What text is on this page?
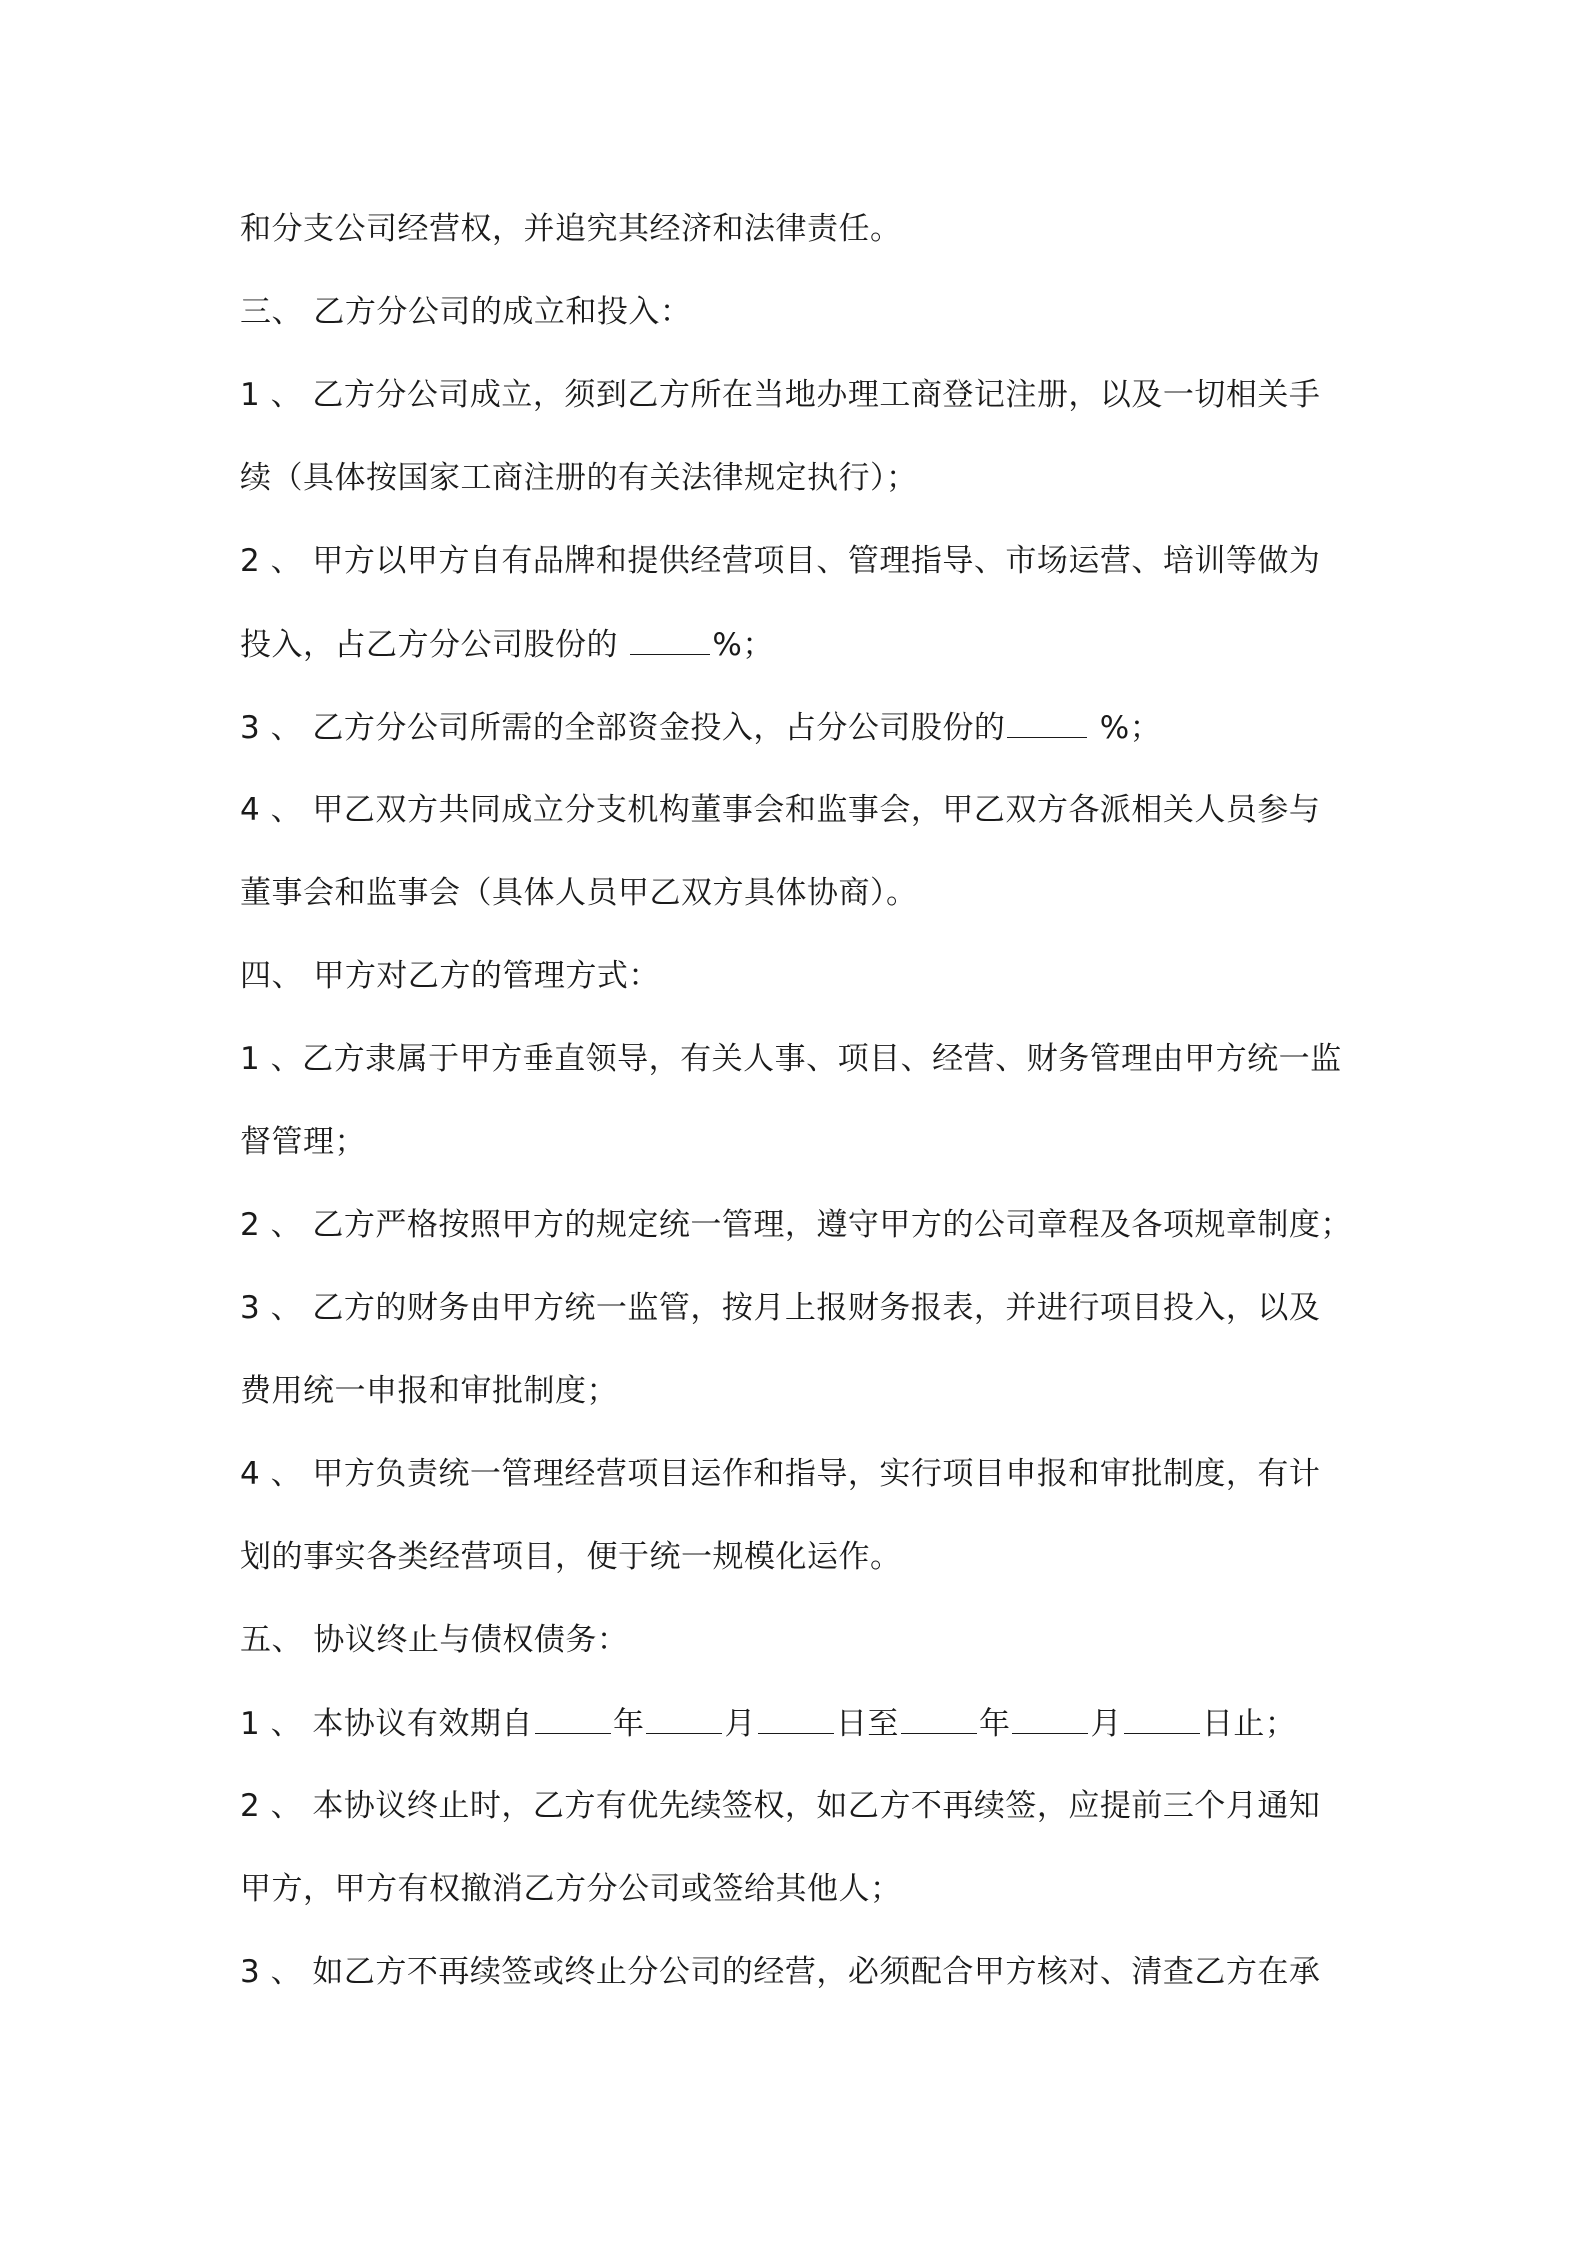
和分支公司经营权，并追究其经济和法律责任。
三、 乙方分公司的成立和投入：
1 、 乙方分公司成立，须到乙方所在当地办理工商登记注册，以及一切相关手
续（具体按国家工商注册的有关法律规定执行）；
2 、 甲方以甲方自有品牌和提供经营项目、管理指导、市场运营、培训等做为
投入，占乙方分公司股份的	%；
3 、 乙方分公司所需的全部资金投入，占分公司股份的	%；
4 、 甲乙双方共同成立分支机构董事会和监事会，甲乙双方各派相关人员参与
董事会和监事会（具体人员甲乙双方具体协商）。
四、 甲方对乙方的管理方式：
1 、乙方隶属于甲方垂直领导，有关人事、项目、经营、财务管理由甲方统一监
督管理；
2 、 乙方严格按照甲方的规定统一管理，遵守甲方的公司章程及各项规章制度；
3 、 乙方的财务由甲方统一监管，按月上报财务报表，并进行项目投入，以及
费用统一申报和审批制度；
4 、 甲方负责统一管理经营项目运作和指导，实行项目申报和审批制度，有计
划的事实各类经营项目，便于统一规模化运作。
五、 协议终止与债权债务：
1 、 本协议有效期自	年	月	日至	年	月	日止；
2 、 本协议终止时，乙方有优先续签权，如乙方不再续签，应提前三个月通知
甲方，甲方有权撤消乙方分公司或签给其他人；
3 、 如乙方不再续签或终止分公司的经营，必须配合甲方核对、清查乙方在承
